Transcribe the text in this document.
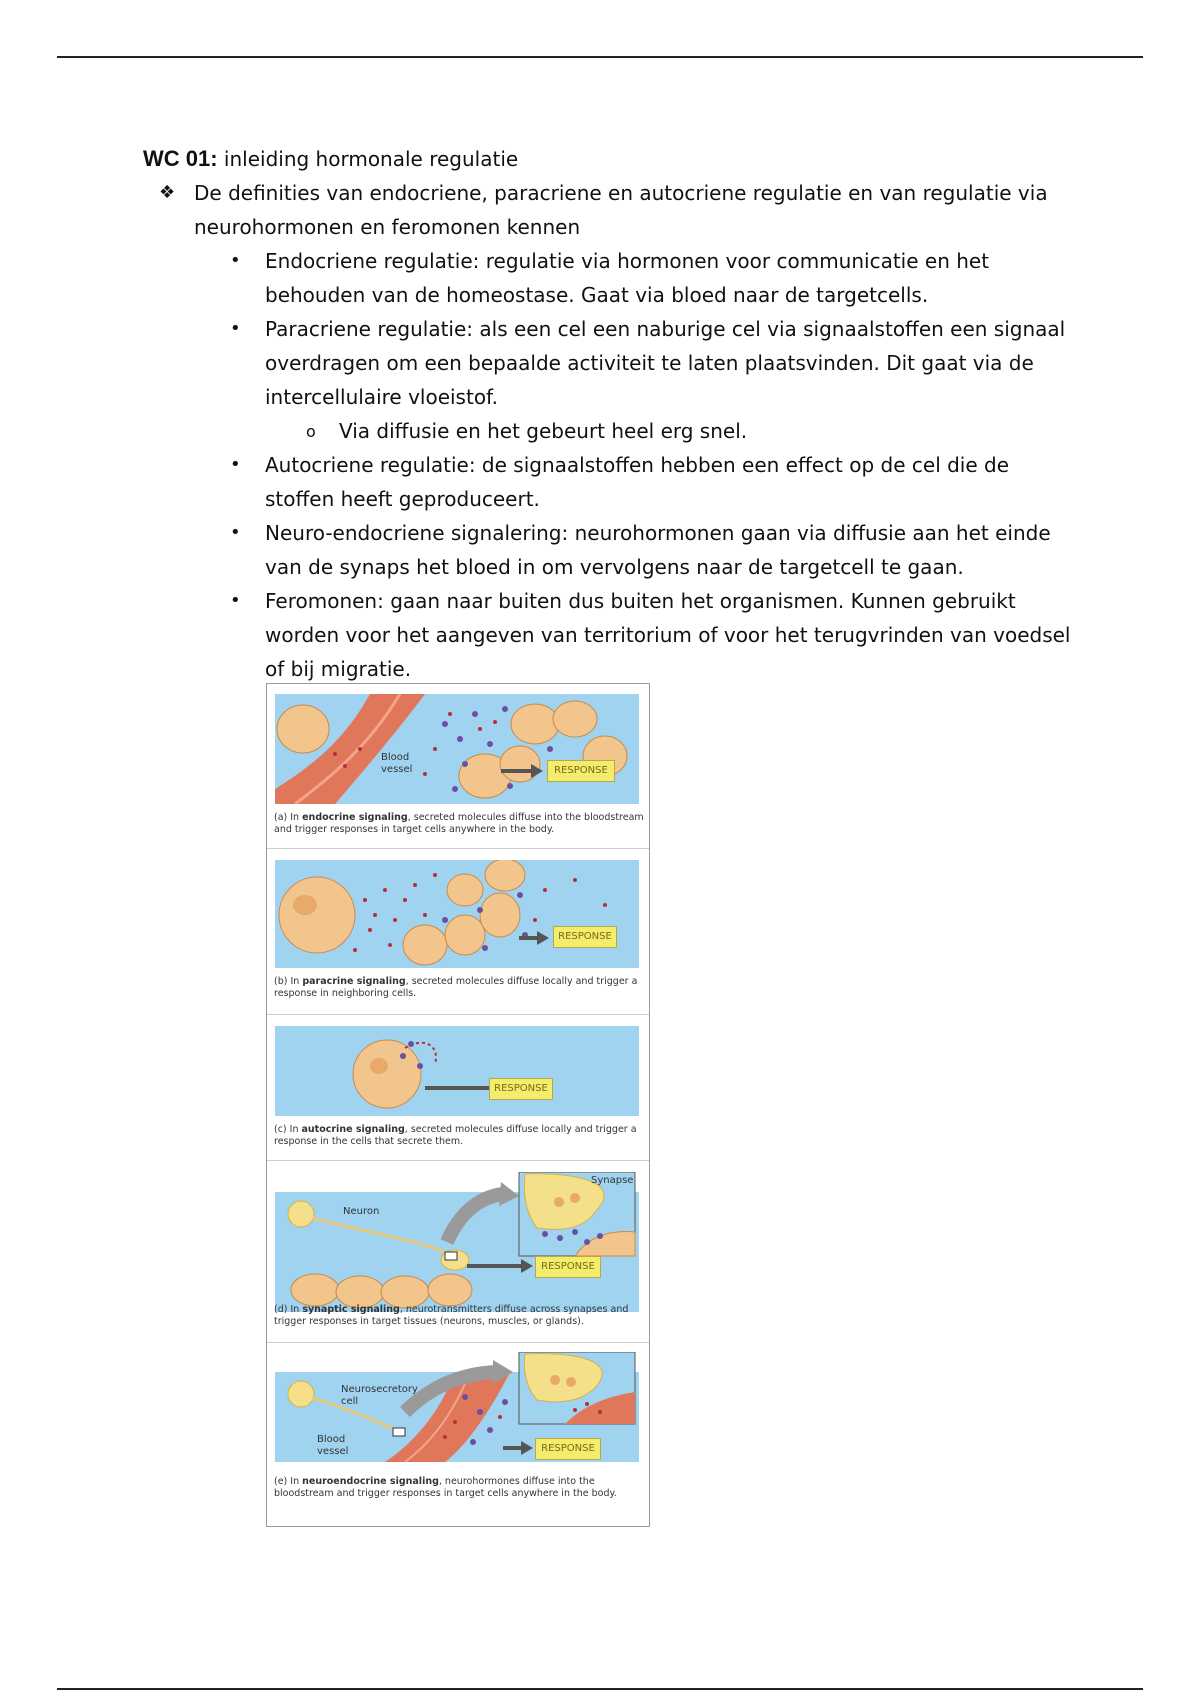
WC 01: inleiding hormonale regulatie
❖ De definities van endocriene, paracriene en autocriene regulatie en van regulatie via neurohormonen en feromonen kennen
• Endocriene regulatie: regulatie via hormonen voor communicatie en het behouden van de homeostase. Gaat via bloed naar de targetcells.
• Paracriene regulatie: als een cel een naburige cel via signaalstoffen een signaal overdragen om een bepaalde activiteit te laten plaatsvinden. Dit gaat via de intercellulaire vloeistof.
o Via diffusie en het gebeurt heel erg snel.
• Autocriene regulatie: de signaalstoffen hebben een effect op de cel die de stoffen heeft geproduceert.
• Neuro-endocriene signalering: neurohormonen gaan via diffusie aan het einde van de synaps het bloed in om vervolgens naar de targetcell te gaan.
• Feromonen: gaan naar buiten dus buiten het organismen. Kunnen gebruikt worden voor het aangeven van territorium of voor het terugvrinden van voedsel of bij migratie.
Blood vessel	RESPONSE
(a) In endocrine signaling, secreted molecules diffuse into the bloodstream and trigger responses in target cells anywhere in the body.
RESPONSE
(b) In paracrine signaling, secreted molecules diffuse locally and trigger a response in neighboring cells.
RESPONSE
(c) In autocrine signaling, secreted molecules diffuse locally and trigger a response in the cells that secrete them.
Neuron
Synapse
RESPONSE
(d) In synaptic signaling, neurotransmitters diffuse across synapses and trigger responses in target tissues (neurons, muscles, or glands).
Neurosecretory cell
Blood vessel	RESPONSE
(e) In neuroendocrine signaling, neurohormones diffuse into the bloodstream and trigger responses in target cells anywhere in the body.
